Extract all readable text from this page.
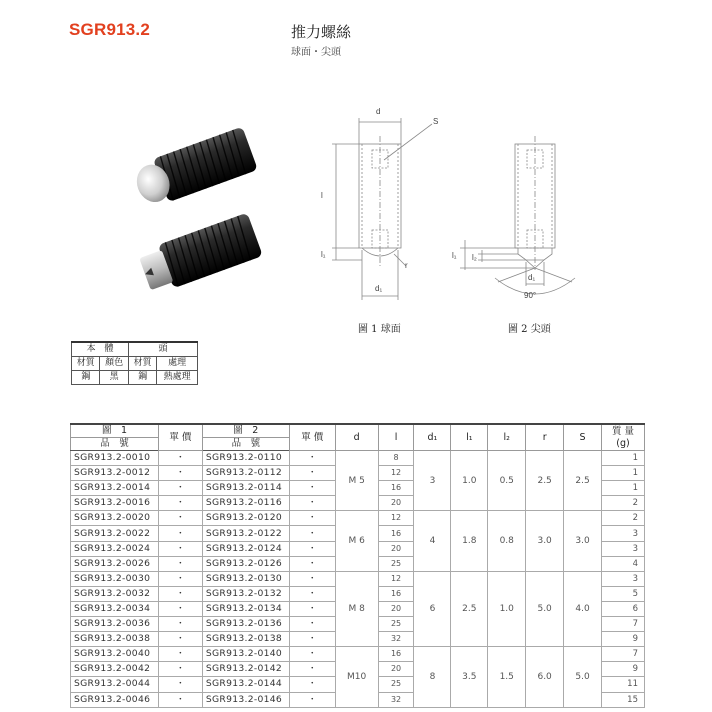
SGR913.2	推力螺絲
球面・尖頭
d
S
l
l₁
r
d₁
l₁ l₂
d₁
90°
圖 1 球面	圖 2 尖頭
本　體		頭	
材質	顏色	材質	處理
鋼	黑	鋼	熱處理
圖　1	單 價	圖　2	單 價	d	l	d₁	l₁	l₂	r	S	質 量
(g)
品　號		品　號									
SGR913.2-0010	・	SGR913.2-0110	・	M 5	8	3	1.0	0.5	2.5	2.5	1
SGR913.2-0012	・	SGR913.2-0112	・		12						1
SGR913.2-0014	・	SGR913.2-0114	・		16						1
SGR913.2-0016	・	SGR913.2-0116	・		20						2
SGR913.2-0020	・	SGR913.2-0120	・	M 6	12	4	1.8	0.8	3.0	3.0	2
SGR913.2-0022	・	SGR913.2-0122	・		16						3
SGR913.2-0024	・	SGR913.2-0124	・		20						3
SGR913.2-0026	・	SGR913.2-0126	・		25						4
SGR913.2-0030	・	SGR913.2-0130	・	M 8	12	6	2.5	1.0	5.0	4.0	3
SGR913.2-0032	・	SGR913.2-0132	・		16						5
SGR913.2-0034	・	SGR913.2-0134	・		20						6
SGR913.2-0036	・	SGR913.2-0136	・		25						7
SGR913.2-0038	・	SGR913.2-0138	・		32						9
SGR913.2-0040	・	SGR913.2-0140	・	M10	16	8	3.5	1.5	6.0	5.0	7
SGR913.2-0042	・	SGR913.2-0142	・		20						9
SGR913.2-0044	・	SGR913.2-0144	・		25						11
SGR913.2-0046	・	SGR913.2-0146	・		32						15
